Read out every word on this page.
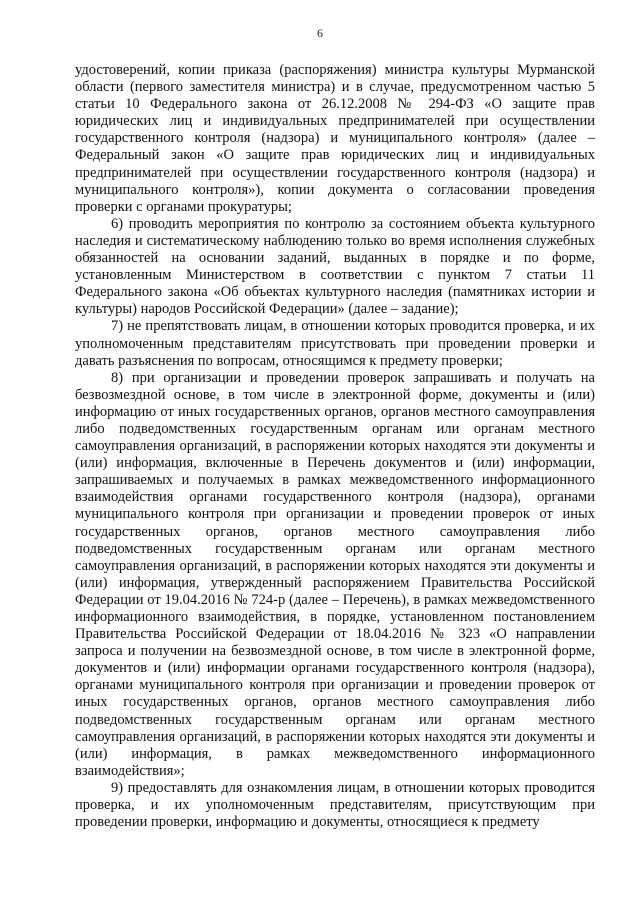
6

удостоверений, копии приказа (распоряжения) министра культуры Мурманской области (первого заместителя министра) и в случае, предусмотренном частью 5 статьи 10 Федерального закона от 26.12.2008 № 294-ФЗ «О защите прав юридических лиц и индивидуальных предпринимателей при осуществлении государственного контроля (надзора) и муниципального контроля» (далее – Федеральный закон «О защите прав юридических лиц и индивидуальных предпринимателей при осуществлении государственного контроля (надзора) и муниципального контроля»), копии документа о согласовании проведения проверки с органами прокуратуры;

6) проводить мероприятия по контролю за состоянием объекта культурного наследия и систематическому наблюдению только во время исполнения служебных обязанностей на основании заданий, выданных в порядке и по форме, установленным Министерством в соответствии с пунктом 7 статьи 11 Федерального закона «Об объектах культурного наследия (памятниках истории и культуры) народов Российской Федерации» (далее – задание);

7) не препятствовать лицам, в отношении которых проводится проверка, и их уполномоченным представителям присутствовать при проведении проверки и давать разъяснения по вопросам, относящимся к предмету проверки;

8) при организации и проведении проверок запрашивать и получать на безвозмездной основе, в том числе в электронной форме, документы и (или) информацию от иных государственных органов, органов местного самоуправления либо подведомственных государственным органам или органам местного самоуправления организаций, в распоряжении которых находятся эти документы и (или) информация, включенные в Перечень документов и (или) информации, запрашиваемых и получаемых в рамках межведомственного информационного взаимодействия органами государственного контроля (надзора), органами муниципального контроля при организации и проведении проверок от иных государственных органов, органов местного самоуправления либо подведомственных государственным органам или органам местного самоуправления организаций, в распоряжении которых находятся эти документы и (или) информация, утвержденный распоряжением Правительства Российской Федерации от 19.04.2016 № 724-р (далее – Перечень), в рамках межведомственного информационного взаимодействия, в порядке, установленном постановлением Правительства Российской Федерации от 18.04.2016 № 323 «О направлении запроса и получении на безвозмездной основе, в том числе в электронной форме, документов и (или) информации органами государственного контроля (надзора), органами муниципального контроля при организации и проведении проверок от иных государственных органов, органов местного самоуправления либо подведомственных государственным органам или органам местного самоуправления организаций, в распоряжении которых находятся эти документы и (или) информация, в рамках межведомственного информационного взаимодействия»;

9) предоставлять для ознакомления лицам, в отношении которых проводится проверка, и их уполномоченным представителям, присутствующим при проведении проверки, информацию и документы, относящиеся к предмету
